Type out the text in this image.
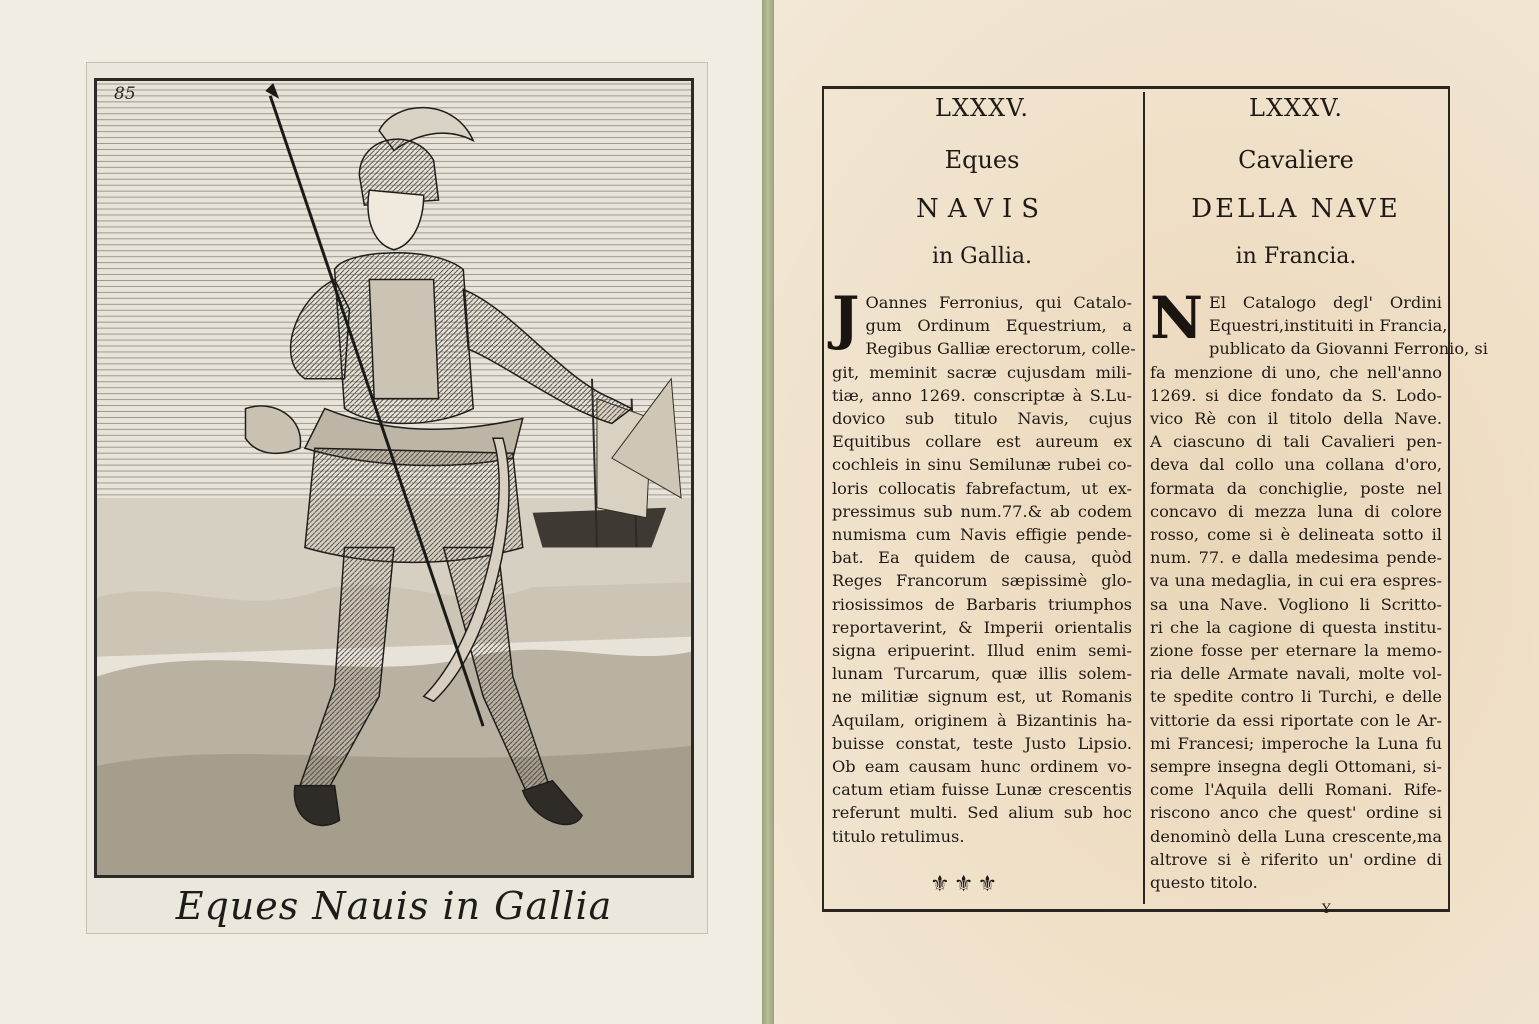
85
Eques Nauis in Gallia
LXXXV.
Eques
NAVIS
in Gallia.
J Oannes Ferronius, qui Catalo-
gum Ordinum Equestrium, a
Regibus Galliæ erectorum, colle-
git, meminit sacræ cujusdam mili-
tiæ, anno 1269. conscriptæ à S.Lu-
dovico sub titulo Navis, cujus
Equitibus collare est aureum ex
cochleis in sinu Semilunæ rubei co-
loris collocatis fabrefactum, ut ex-
pressimus sub num.77.& ab codem
numisma cum Navis effigie pende-
bat. Ea quidem de causa, quòd
Reges Francorum sæpissimè glo-
riosissimos de Barbaris triumphos
reportaverint, & Imperii orientalis
signa eripuerint. Illud enim semi-
lunam Turcarum, quæ illis solem-
ne militiæ signum est, ut Romanis
Aquilam, originem à Bizantinis ha-
buisse constat, teste Justo Lipsio.
Ob eam causam hunc ordinem vo-
catum etiam fuisse Lunæ crescentis
referunt multi. Sed alium sub hoc
titulo retulimus.
LXXXV.
Cavaliere
DELLA NAVE
in Francia.
N El Catalogo degl' Ordini
Equestri,instituiti in Francia,
publicato da Giovanni Ferronio, si
fa menzione di uno, che nell'anno
1269. si dice fondato da S. Lodo-
vico Rè con il titolo della Nave.
A ciascuno di tali Cavalieri pen-
deva dal collo una collana d'oro,
formata da conchiglie, poste nel
concavo di mezza luna di colore
rosso, come si è delineata sotto il
num. 77. e dalla medesima pende-
va una medaglia, in cui era espres-
sa una Nave. Vogliono li Scritto-
ri che la cagione di questa institu-
zione fosse per eternare la memo-
ria delle Armate navali, molte vol-
te spedite contro li Turchi, e delle
vittorie da essi riportate con le Ar-
mi Francesi; imperoche la Luna fu
sempre insegna degli Ottomani, si-
come l'Aquila delli Romani. Rife-
riscono anco che quest' ordine si
denominò della Luna crescente,ma
altrove si è riferito un' ordine di
questo titolo.
⚜⚜⚜
Y
